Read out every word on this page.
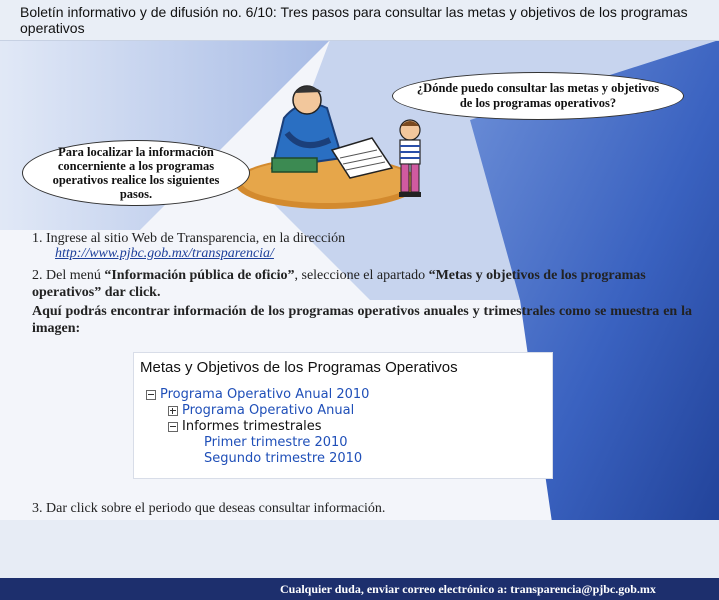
Boletín informativo y de difusión no. 6/10: Tres pasos para consultar las metas y objetivos de los programas operativos
¿Dónde puedo consultar las metas y objetivos de los programas operativos?
Para localizar la información concerniente a los programas operativos realice los siguientes pasos.
1. Ingrese al sitio Web de Transparencia, en la dirección
http://www.pjbc.gob.mx/transparencia/
2. Del menú “Información pública de oficio”, seleccione el apartado “Metas y objetivos de los programas operativos” dar click.
Aquí podrás encontrar información de los programas operativos anuales y trimestrales como se muestra en la imagen:
Metas y Objetivos de los Programas Operativos
Programa Operativo Anual 2010
Programa Operativo Anual
Informes trimestrales
Primer trimestre 2010
Segundo trimestre 2010
3. Dar click sobre el periodo que deseas consultar información.
Cualquier duda, enviar correo electrónico a: transparencia@pjbc.gob.mx
